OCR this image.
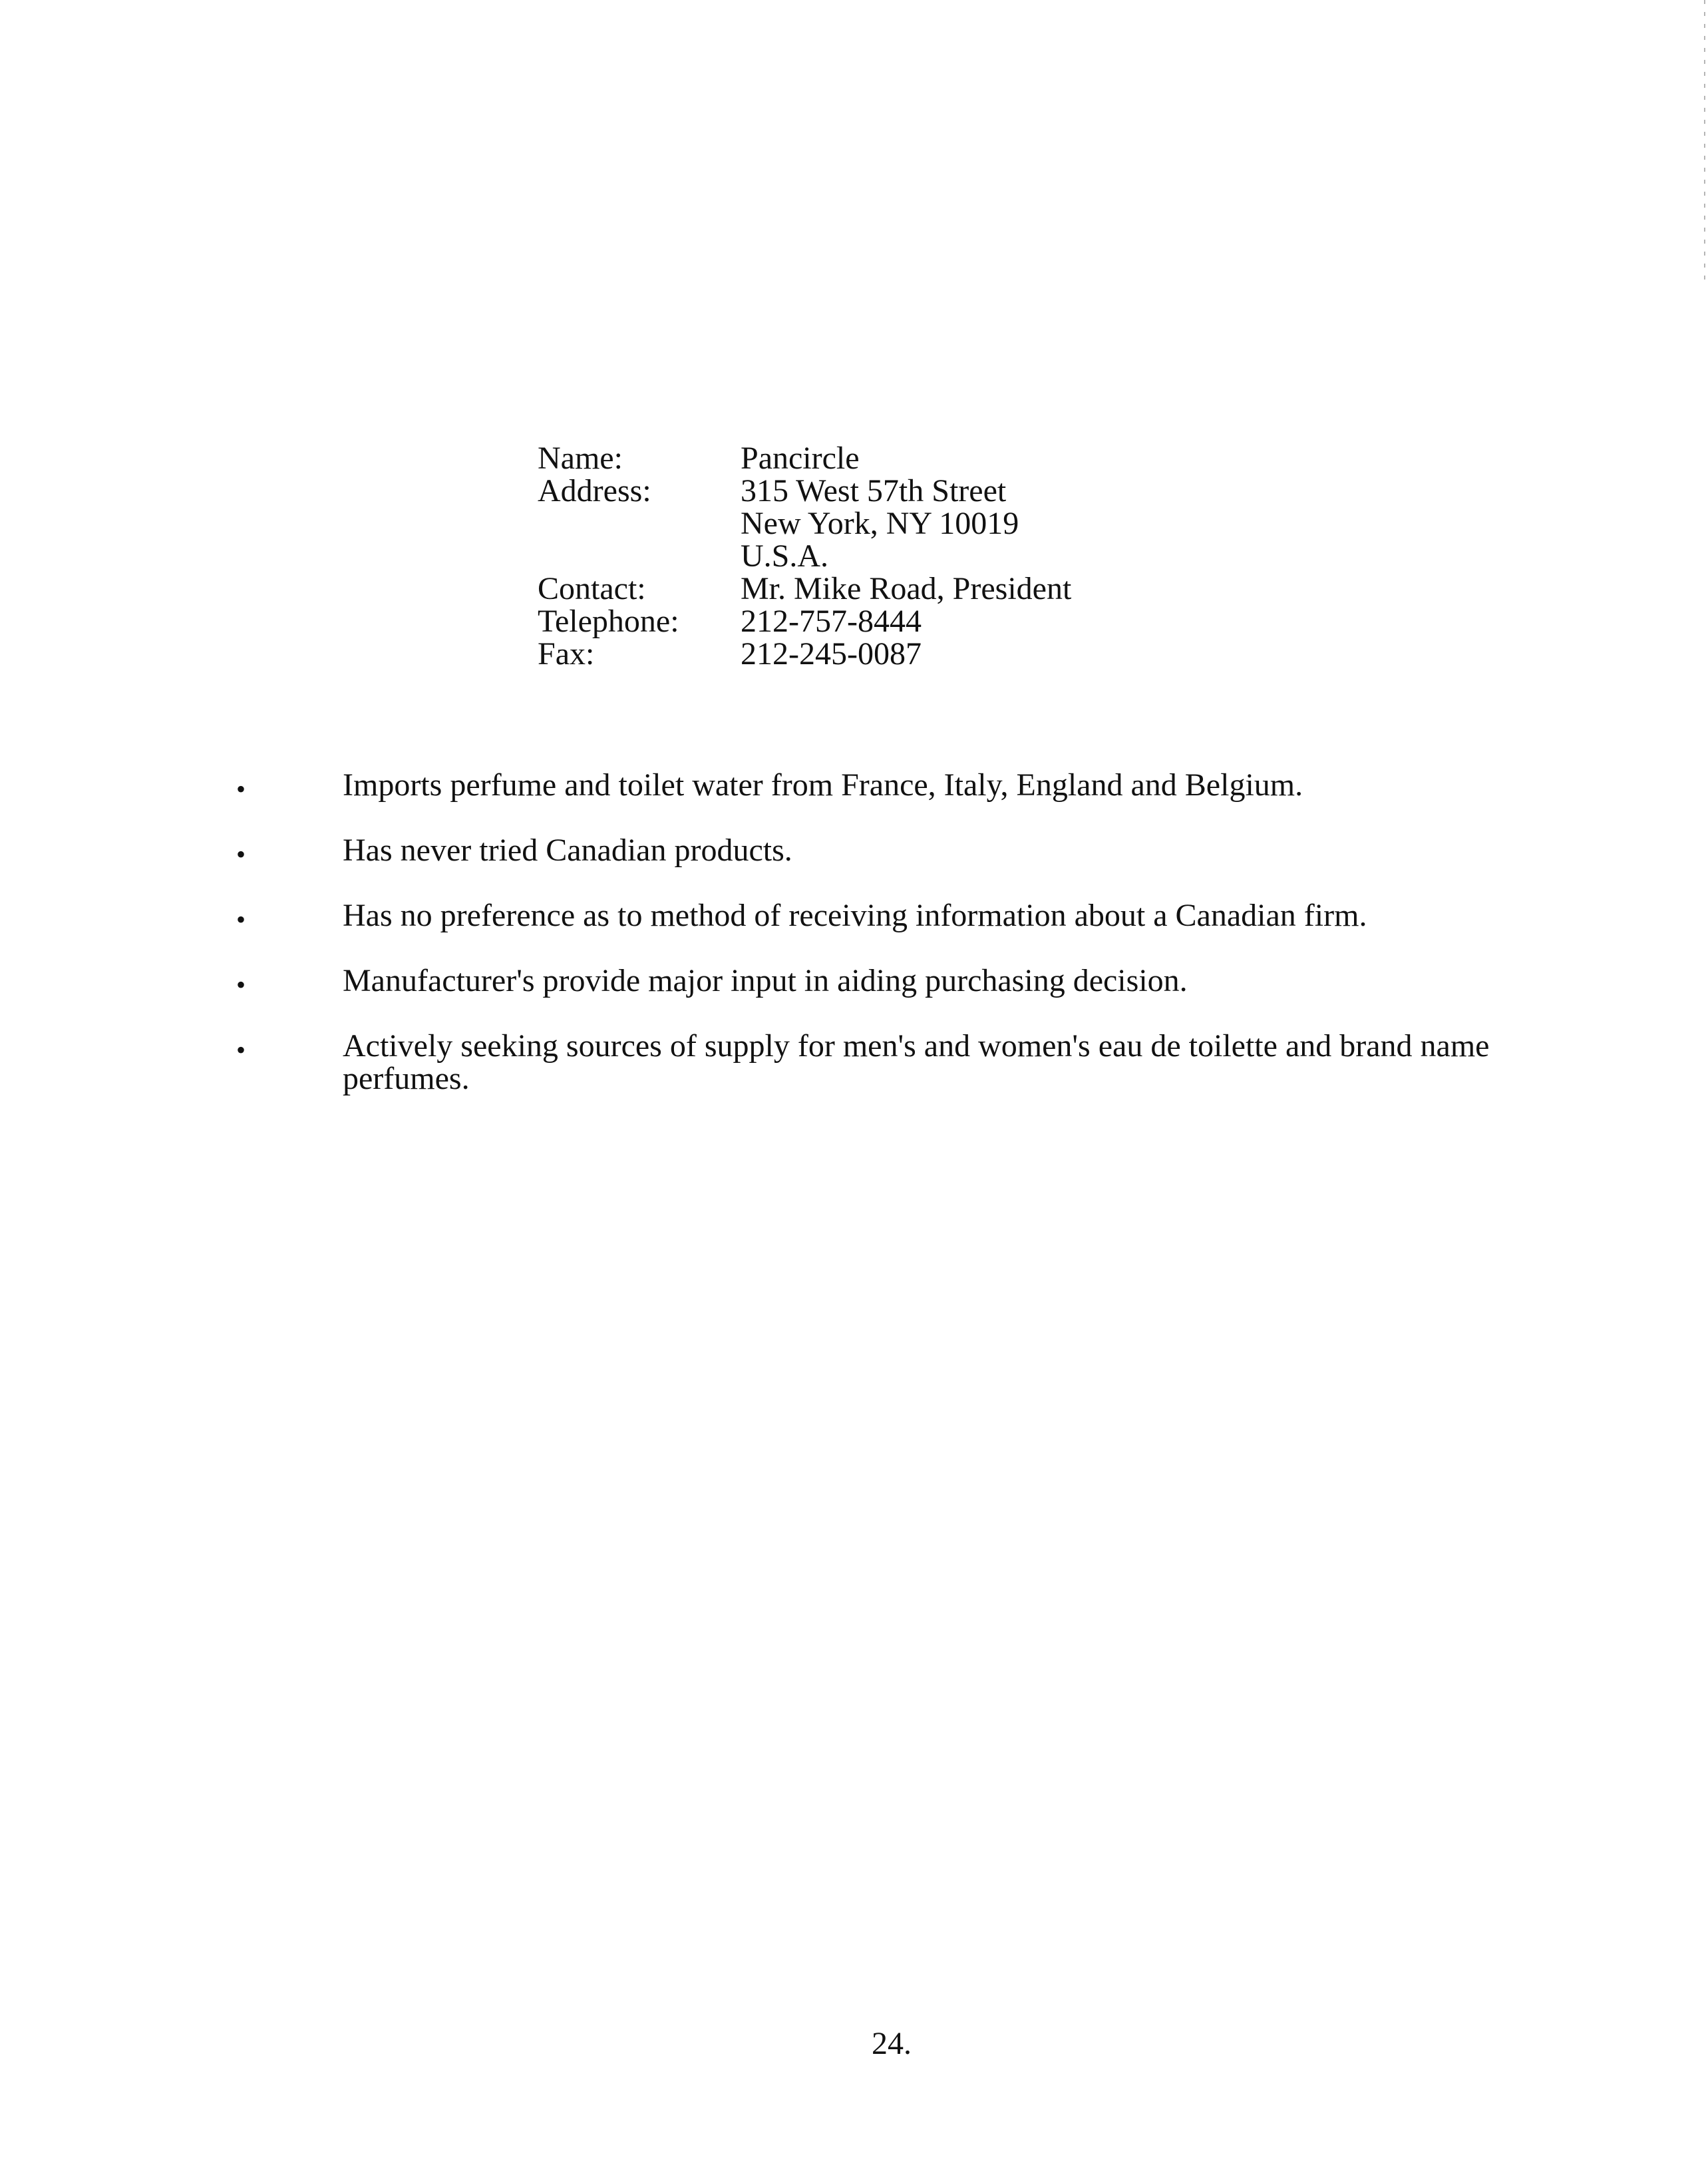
Name:	Pancircle
Address:	315 West 57th Street
New York, NY 10019
U.S.A.
Contact:	Mr. Mike Road, President
Telephone:	212-757-8444
Fax:	212-245-0087
•	Imports perfume and toilet water from France, Italy, England and Belgium.
•	Has never tried Canadian products.
•	Has no preference as to method of receiving information about a Canadian firm.
•	Manufacturer's provide major input in aiding purchasing decision.
•	Actively seeking sources of supply for men's and women's eau de toilette and brand name perfumes.
24.
